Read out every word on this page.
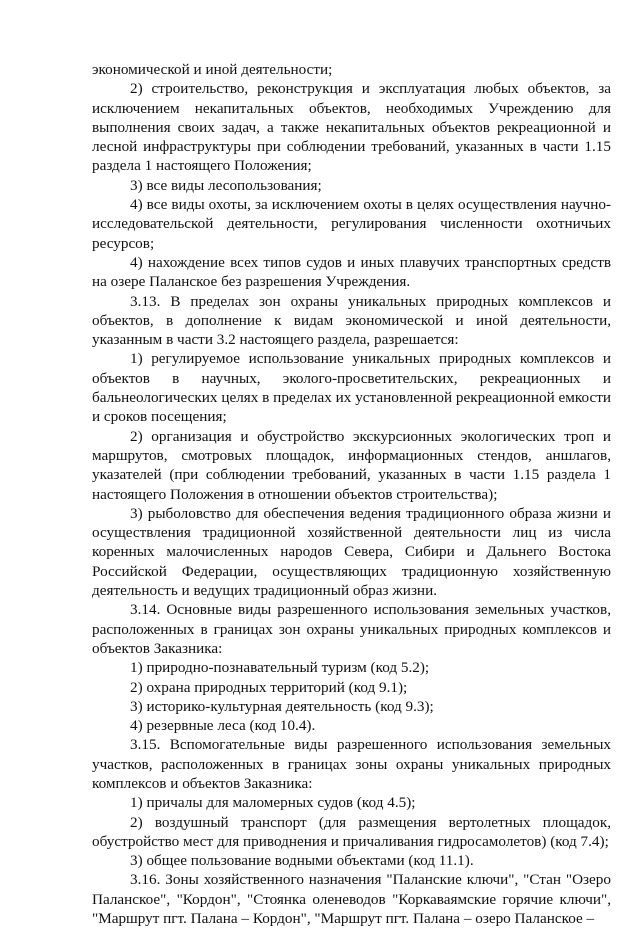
экономической и иной деятельности;

2) строительство, реконструкция и эксплуатация любых объектов, за исключением некапитальных объектов, необходимых Учреждению для выполнения своих задач, а также некапитальных объектов рекреационной и лесной инфраструктуры при соблюдении требований, указанных в части 1.15 раздела 1 настоящего Положения;

3) все виды лесопользования;

4) все виды охоты, за исключением охоты в целях осуществления научно-исследовательской деятельности, регулирования численности охотничьих ресурсов;

4) нахождение всех типов судов и иных плавучих транспортных средств на озере Паланское без разрешения Учреждения.

3.13. В пределах зон охраны уникальных природных комплексов и объектов, в дополнение к видам экономической и иной деятельности, указанным в части 3.2 настоящего раздела, разрешается:

1) регулируемое использование уникальных природных комплексов и объектов в научных, эколого-просветительских, рекреационных и бальнеологических целях в пределах их установленной рекреационной емкости и сроков посещения;

2) организация и обустройство экскурсионных экологических троп и маршрутов, смотровых площадок, информационных стендов, аншлагов, указателей (при соблюдении требований, указанных в части 1.15 раздела 1 настоящего Положения в отношении объектов строительства);

3) рыболовство для обеспечения ведения традиционного образа жизни и осуществления традиционной хозяйственной деятельности лиц из числа коренных малочисленных народов Севера, Сибири и Дальнего Востока Российской Федерации, осуществляющих традиционную хозяйственную деятельность и ведущих традиционный образ жизни.

3.14. Основные виды разрешенного использования земельных участков, расположенных в границах зон охраны уникальных природных комплексов и объектов Заказника:

1) природно-познавательный туризм (код 5.2);

2) охрана природных территорий (код 9.1);

3) историко-культурная деятельность (код 9.3);

4) резервные леса (код 10.4).

3.15. Вспомогательные виды разрешенного использования земельных участков, расположенных в границах зоны охраны уникальных природных комплексов и объектов Заказника:

1) причалы для маломерных судов (код 4.5);

2) воздушный транспорт (для размещения вертолетных площадок, обустройство мест для приводнения и причаливания гидросамолетов) (код 7.4);

3) общее пользование водными объектами (код 11.1).

3.16. Зоны хозяйственного назначения "Паланские ключи", "Стан "Озеро Паланское", "Кордон", "Стоянка оленеводов "Коркаваямские горячие ключи", "Маршрут пгт. Палана – Кордон", "Маршрут пгт. Палана – озеро Паланское –
